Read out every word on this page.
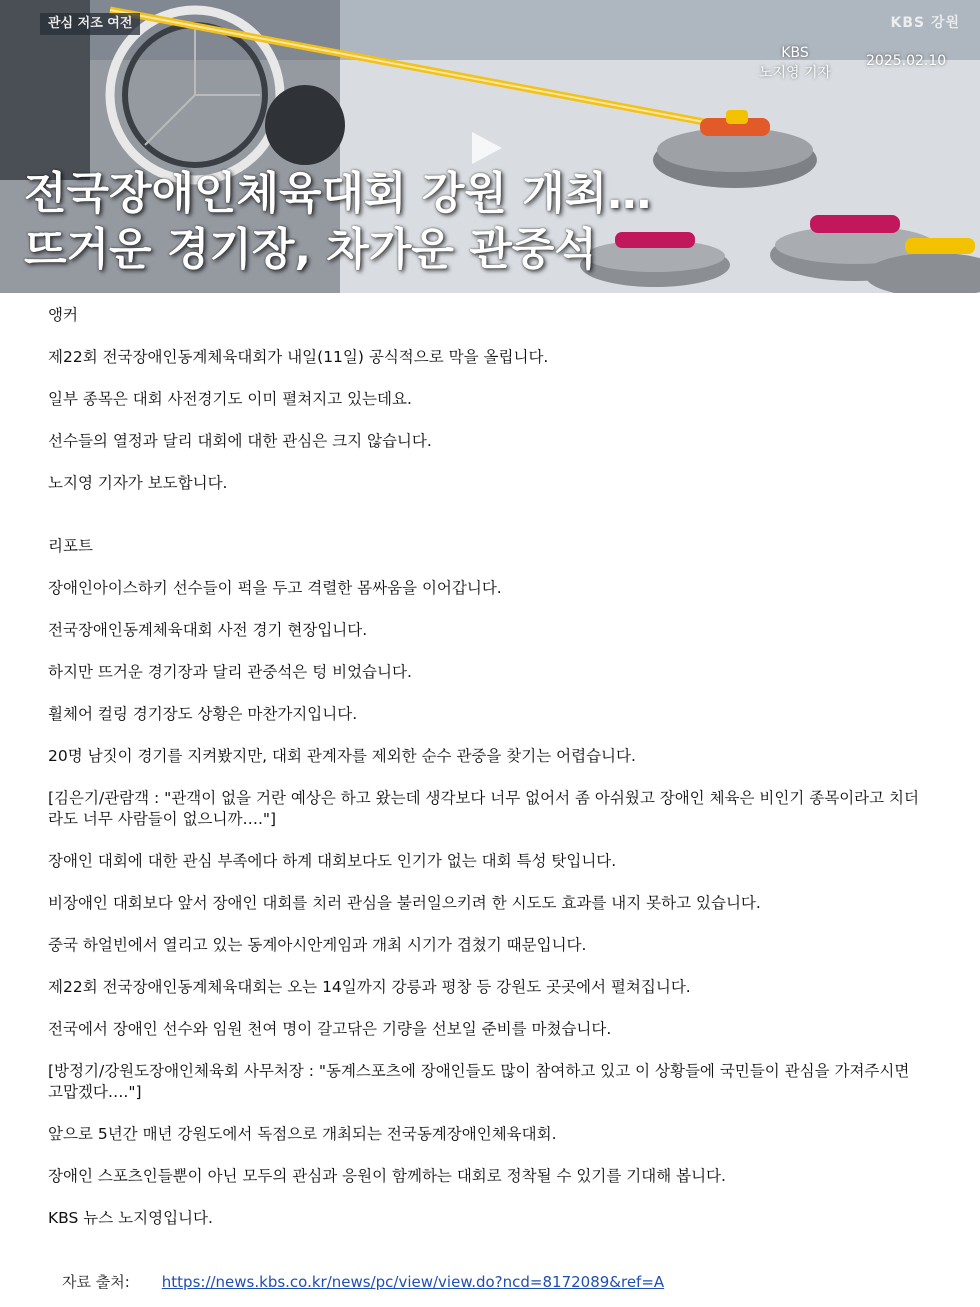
관심 저조 여전	KBS 강원
KBS
노지영 기자
2025.02.10
전국장애인체육대회 강원 개최…
뜨거운 경기장, 차가운 관중석

앵커

제22회 전국장애인동계체육대회가 내일(11일) 공식적으로 막을 올립니다.

일부 종목은 대회 사전경기도 이미 펼쳐지고 있는데요.

선수들의 열정과 달리 대회에 대한 관심은 크지 않습니다.

노지영 기자가 보도합니다.

리포트

장애인아이스하키 선수들이 퍽을 두고 격렬한 몸싸움을 이어갑니다.

전국장애인동계체육대회 사전 경기 현장입니다.

하지만 뜨거운 경기장과 달리 관중석은 텅 비었습니다.

휠체어 컬링 경기장도 상황은 마찬가지입니다.

20명 남짓이 경기를 지켜봤지만, 대회 관계자를 제외한 순수 관중을 찾기는 어렵습니다.

[김은기/관람객 : "관객이 없을 거란 예상은 하고 왔는데 생각보다 너무 없어서 좀 아쉬웠고 장애인 체육은 비인기 종목이라고 치더라도 너무 사람들이 없으니까…."]

장애인 대회에 대한 관심 부족에다 하계 대회보다도 인기가 없는 대회 특성 탓입니다.

비장애인 대회보다 앞서 장애인 대회를 치러 관심을 불러일으키려 한 시도도 효과를 내지 못하고 있습니다.

중국 하얼빈에서 열리고 있는 동계아시안게임과 개최 시기가 겹쳤기 때문입니다.

제22회 전국장애인동계체육대회는 오는 14일까지 강릉과 평창 등 강원도 곳곳에서 펼쳐집니다.

전국에서 장애인 선수와 임원 천여 명이 갈고닦은 기량을 선보일 준비를 마쳤습니다.

[방정기/강원도장애인체육회 사무처장 : "동계스포츠에 장애인들도 많이 참여하고 있고 이 상황들에 국민들이 관심을 가져주시면 고맙겠다…."]

앞으로 5년간 매년 강원도에서 독점으로 개최되는 전국동계장애인체육대회.

장애인 스포츠인들뿐이 아닌 모두의 관심과 응원이 함께하는 대회로 정착될 수 있기를 기대해 봅니다.

KBS 뉴스 노지영입니다.

자료 출처: https://news.kbs.co.kr/news/pc/view/view.do?ncd=8172089&ref=A
